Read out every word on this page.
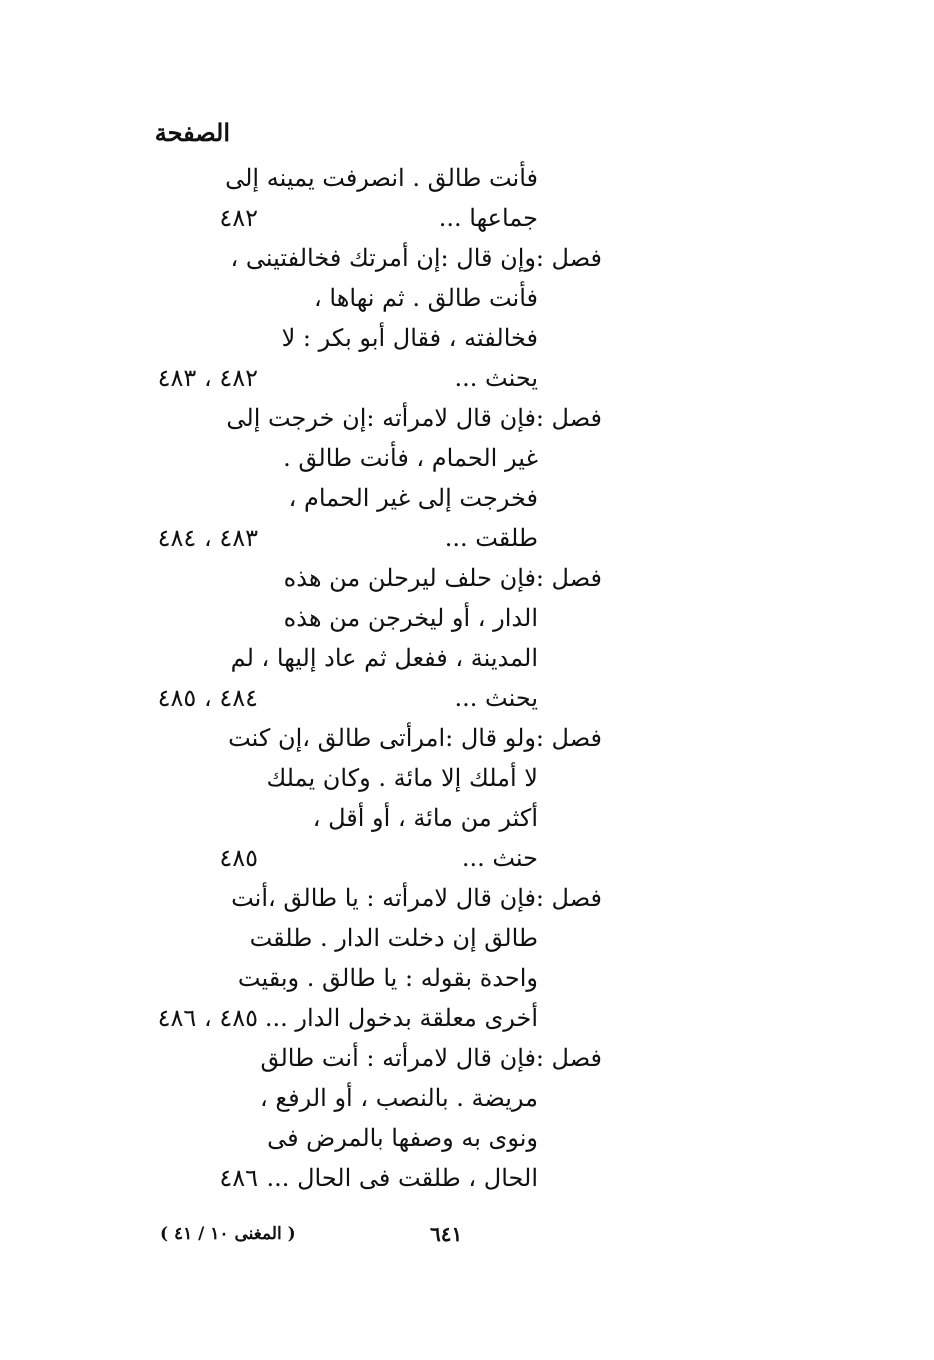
الصفحة
فأنت طالق . انصرفت يمينه إلى
جماعها ...
٤٨٢
فصل :
وإن قال :إن أمرتك فخالفتينى ،
فأنت طالق . ثم نهاها ،
فخالفته ، فقال أبو بكر : لا
يحنث ...
٤٨٢ ، ٤٨٣
فصل :
فإن قال لامرأته :إن خرجت إلى
غير الحمام ، فأنت طالق .
فخرجت إلى غير الحمام ،
طلقت ...
٤٨٣ ، ٤٨٤
فصل :
فإن حلف ليرحلن من هذه
الدار ، أو ليخرجن من هذه
المدينة ، ففعل ثم عاد إليها ، لم
يحنث ...
٤٨٤ ، ٤٨٥
فصل :
ولو قال :امرأتى طالق ،إن كنت
لا أملك إلا مائة . وكان يملك
أكثر من مائة ، أو أقل ،
حنث ...
٤٨٥
فصل :
فإن قال لامرأته : يا طالق ،أنت
طالق إن دخلت الدار . طلقت
واحدة بقوله : يا طالق . وبقيت
أخرى معلقة بدخول الدار ...
٤٨٥ ، ٤٨٦
فصل :
فإن قال لامرأته : أنت طالق
مريضة . بالنصب ، أو الرفع ،
ونوى به وصفها بالمرض فى
الحال ، طلقت فى الحال ...
٤٨٦
٦٤١
( المغنى ١٠ / ٤١ )
